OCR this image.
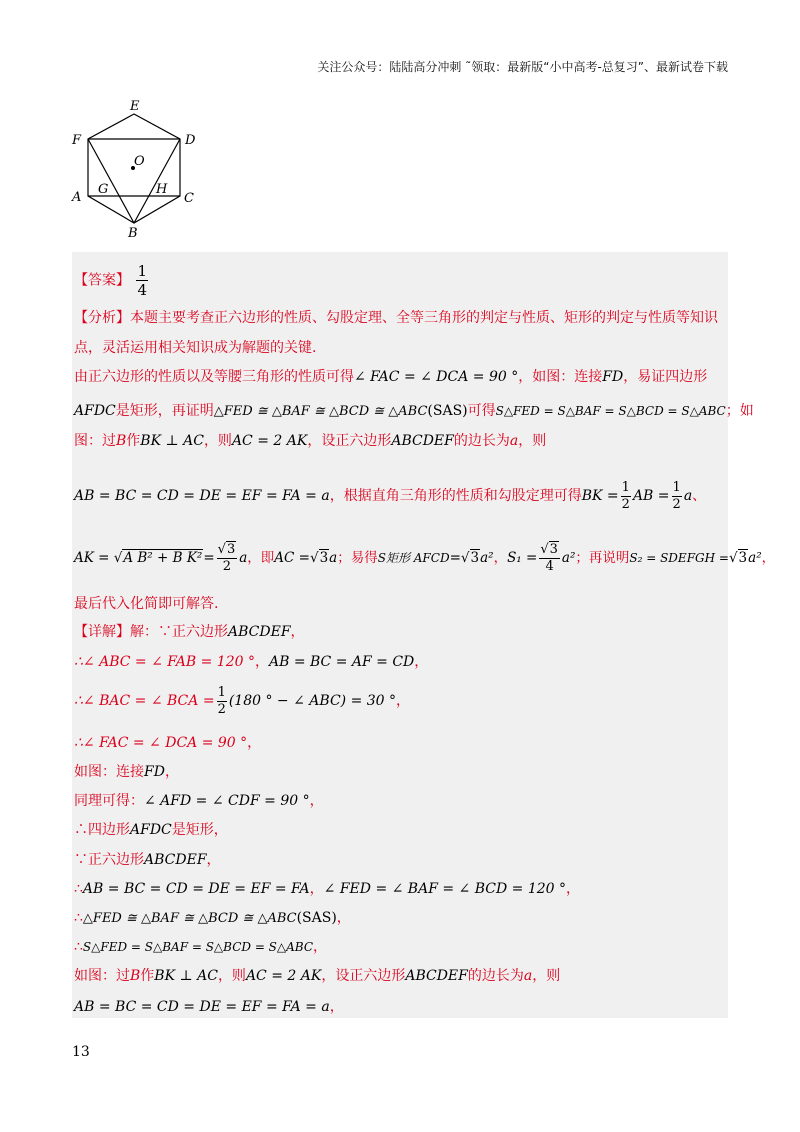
关注公众号：陆陆高分冲刺 ˜领取：最新版“小中高考-总复习”、最新试卷下载
E
D
F
O
A
G	H
C
B
【答案】 $\frac{1}{4}$
【分析】本题主要考查正六边形的性质、勾股定理、全等三角形的判定与性质、矩形的判定与性质等知识
点，灵活运用相关知识成为解题的关键.
由正六边形的性质以及等腰三角形的性质可得∠ FAC = ∠ DCA = 90 °，如图：连接FD，易证四边形
AFDC是矩形，再证明△FED ≅ △BAF ≅ △BCD ≅ △ABC(SAS)可得S△FED = S△BAF = S△BCD = S△ABC；如
图：过B作BK ⊥ AC，则AC = 2 AK，设正六边形ABCDEF的边长为a，则
AB = BC = CD = DE = EF = FA = a，根据直角三角形的性质和勾股定理可得BK = $\frac{1}{2}$ AB = $\frac{1}{2}$ a、
AK = √A B² + B $K^2= \frac{√3}{2}$ a，即AC =√3a；易得S矩形 AFCD=√3a²，$S_1 = \frac{√3}{4} a^2$；再说明S₂ = SDEFGH =√3a²，
最后代入化简即可解答.
【详解】解：∵正六边形ABCDEF，
∴∠ ABC = ∠ FAB = 120 °，AB = BC = AF = CD，
∴∠ BAC = ∠ BCA = $\frac{1}{2} (180$ ° − ∠ ABC) = 30 °，
∴∠ FAC = ∠ DCA = 90 °，
如图：连接FD，
同理可得：∠ AFD = ∠ CDF = 90 °，
∴四边形AFDC是矩形，
∵正六边形ABCDEF，
∴AB = BC = CD = DE = EF = FA，∠ FED = ∠ BAF = ∠ BCD = 120 °，
∴△FED ≅ △BAF ≅ △BCD ≅ △ABC(SAS)，
∴S△FED = S△BAF = S△BCD = S△ABC，
如图：过B作BK ⊥ AC，则AC = 2 AK，设正六边形ABCDEF的边长为a，则
AB = BC = CD = DE = EF = FA = a，
13
